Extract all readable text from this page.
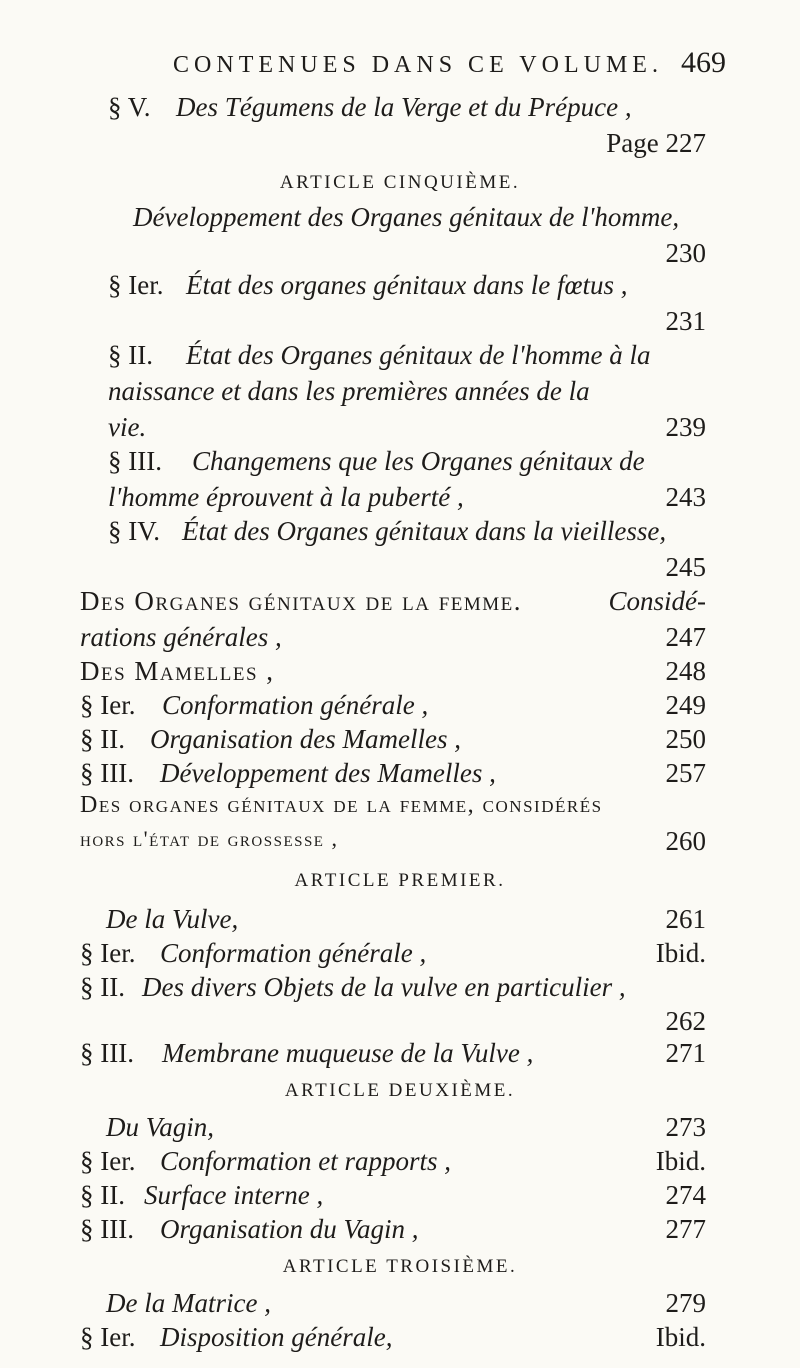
CONTENUES DANS CE VOLUME. 469
§ V. Des Tégumens de la Verge et du Prépuce ,
Page 227
ARTICLE CINQUIÈME.
Développement des Organes génitaux de l'homme,
230
§ Ier. État des organes génitaux dans le fœtus ,
231
§ II. État des Organes génitaux de l'homme à la
naissance et dans les premières années de la
vie.	239
§ III. Changemens que les Organes génitaux de
l'homme éprouvent à la puberté ,	243
§ IV. État des Organes génitaux dans la vieillesse,
245
Des Organes génitaux de la femme.	Considé-
rations générales ,	247
Des Mamelles ,	248
§ Ier. Conformation générale ,	249
§ II. Organisation des Mamelles ,	250
§ III. Développement des Mamelles ,	257
Des organes génitaux de la femme, considérés
hors l'état de grossesse ,	260
ARTICLE PREMIER.
De la Vulve,	261
§ Ier. Conformation générale ,	Ibid.
§ II. Des divers Objets de la vulve en particulier ,
262
§ III. Membrane muqueuse de la Vulve ,	271
ARTICLE DEUXIÈME.
Du Vagin,	273
§ Ier. Conformation et rapports ,	Ibid.
§ II. Surface interne ,	274
§ III. Organisation du Vagin ,	277
ARTICLE TROISIÈME.
De la Matrice ,	279
§ Ier. Disposition générale,	Ibid.
